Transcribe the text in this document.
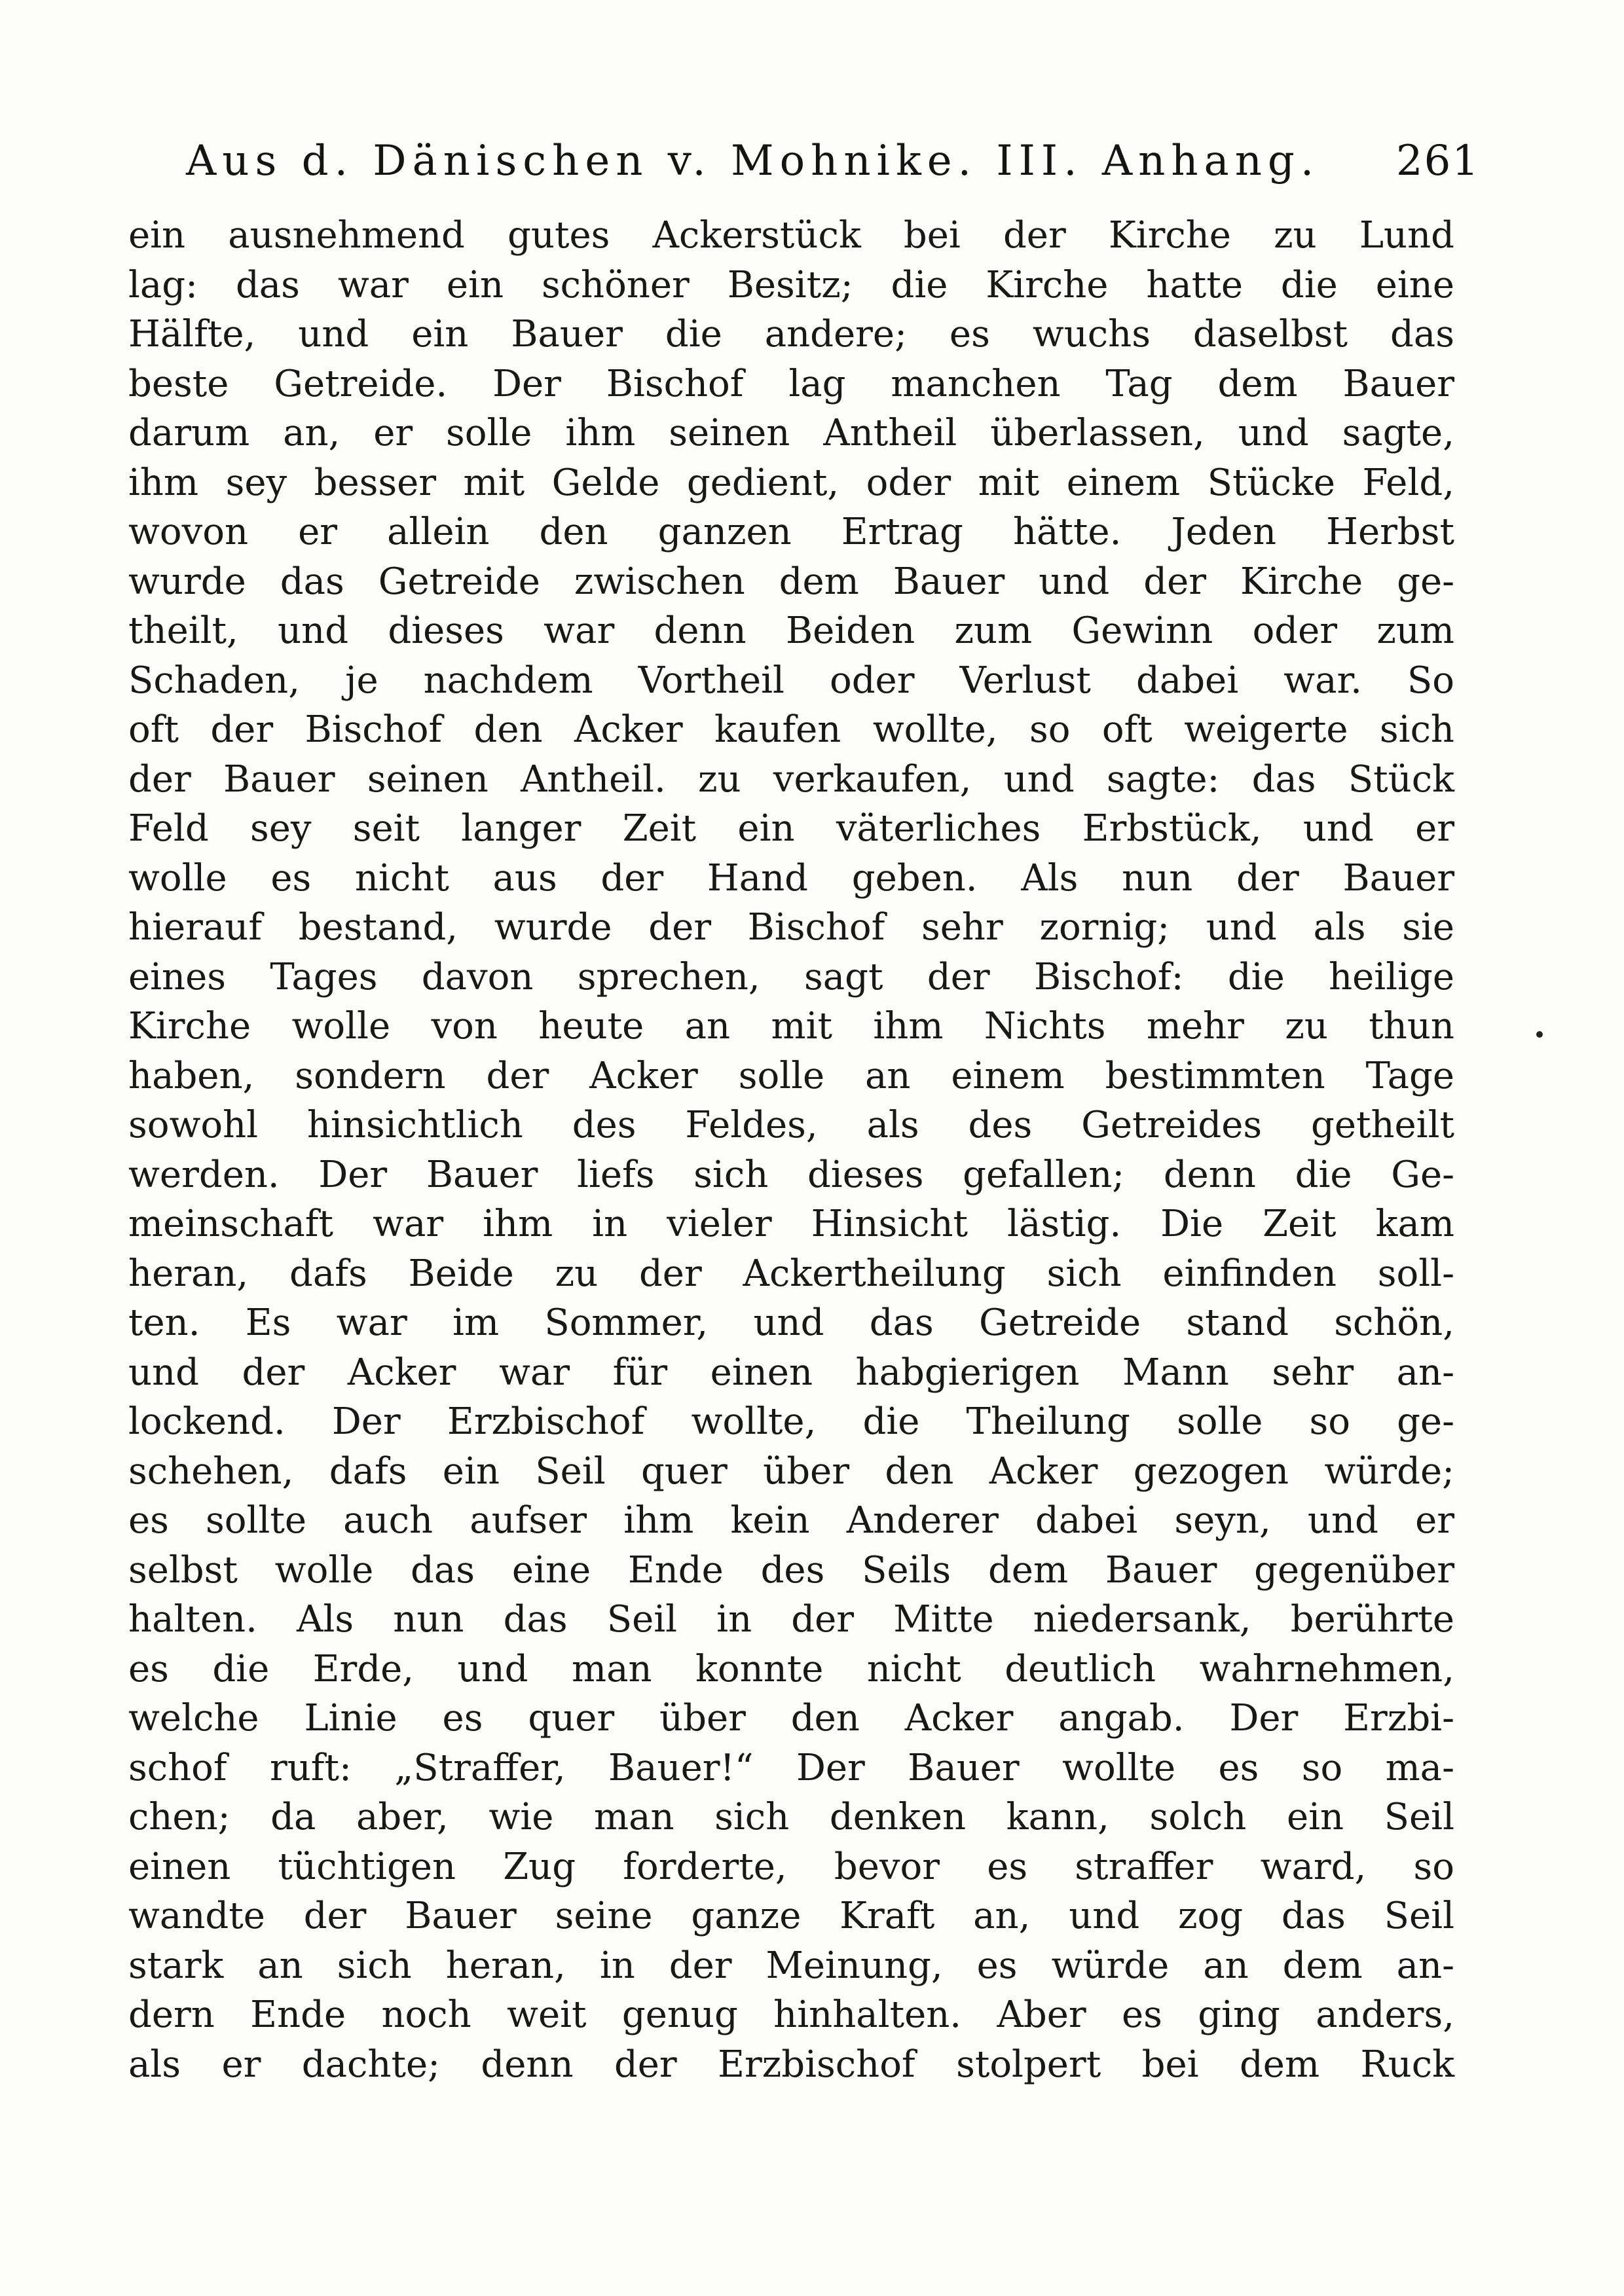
Aus d. Dänischen v. Mohnike. III. Anhang. 261
ein ausnehmend gutes Ackerstück bei der Kirche zu Lund
lag: das war ein schöner Besitz; die Kirche hatte die eine
Hälfte, und ein Bauer die andere; es wuchs daselbst das
beste Getreide. Der Bischof lag manchen Tag dem Bauer
darum an, er solle ihm seinen Antheil überlassen, und sagte,
ihm sey besser mit Gelde gedient, oder mit einem Stücke Feld,
wovon er allein den ganzen Ertrag hätte. Jeden Herbst
wurde das Getreide zwischen dem Bauer und der Kirche ge-
theilt, und dieses war denn Beiden zum Gewinn oder zum
Schaden, je nachdem Vortheil oder Verlust dabei war. So
oft der Bischof den Acker kaufen wollte, so oft weigerte sich
der Bauer seinen Antheil. zu verkaufen, und sagte: das Stück
Feld sey seit langer Zeit ein väterliches Erbstück, und er
wolle es nicht aus der Hand geben. Als nun der Bauer
hierauf bestand, wurde der Bischof sehr zornig; und als sie
eines Tages davon sprechen, sagt der Bischof: die heilige
Kirche wolle von heute an mit ihm Nichts mehr zu thun
haben, sondern der Acker solle an einem bestimmten Tage
sowohl hinsichtlich des Feldes, als des Getreides getheilt
werden. Der Bauer liefs sich dieses gefallen; denn die Ge-
meinschaft war ihm in vieler Hinsicht lästig. Die Zeit kam
heran, dafs Beide zu der Ackertheilung sich einfinden soll-
ten. Es war im Sommer, und das Getreide stand schön,
und der Acker war für einen habgierigen Mann sehr an-
lockend. Der Erzbischof wollte, die Theilung solle so ge-
schehen, dafs ein Seil quer über den Acker gezogen würde;
es sollte auch aufser ihm kein Anderer dabei seyn, und er
selbst wolle das eine Ende des Seils dem Bauer gegenüber
halten. Als nun das Seil in der Mitte niedersank, berührte
es die Erde, und man konnte nicht deutlich wahrnehmen,
welche Linie es quer über den Acker angab. Der Erzbi-
schof ruft: „Straffer, Bauer!“ Der Bauer wollte es so ma-
chen; da aber, wie man sich denken kann, solch ein Seil
einen tüchtigen Zug forderte, bevor es straffer ward, so
wandte der Bauer seine ganze Kraft an, und zog das Seil
stark an sich heran, in der Meinung, es würde an dem an-
dern Ende noch weit genug hinhalten. Aber es ging anders,
als er dachte; denn der Erzbischof stolpert bei dem Ruck
